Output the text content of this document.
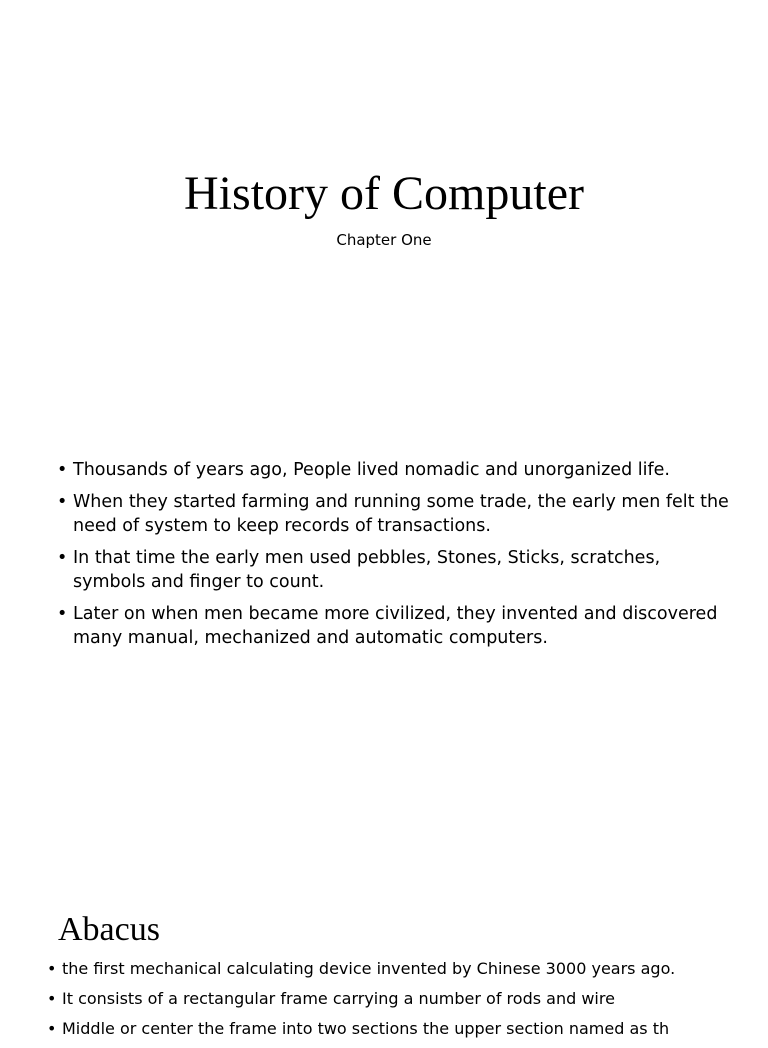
History of Computer
Chapter One
• Thousands of years ago, People lived nomadic and unorganized life.
• When they started farming and running some trade, the early men felt the need of system to keep records of transactions.
• In that time the early men used pebbles, Stones, Sticks, scratches, symbols and finger to count.
• Later on when men became more civilized, they invented and discovered many manual, mechanized and automatic computers.
Abacus
• the first mechanical calculating device invented by Chinese 3000 years ago.
• It consists of a rectangular frame carrying a number of rods and wire
• Middle or center the frame into two sections the upper section named as th
